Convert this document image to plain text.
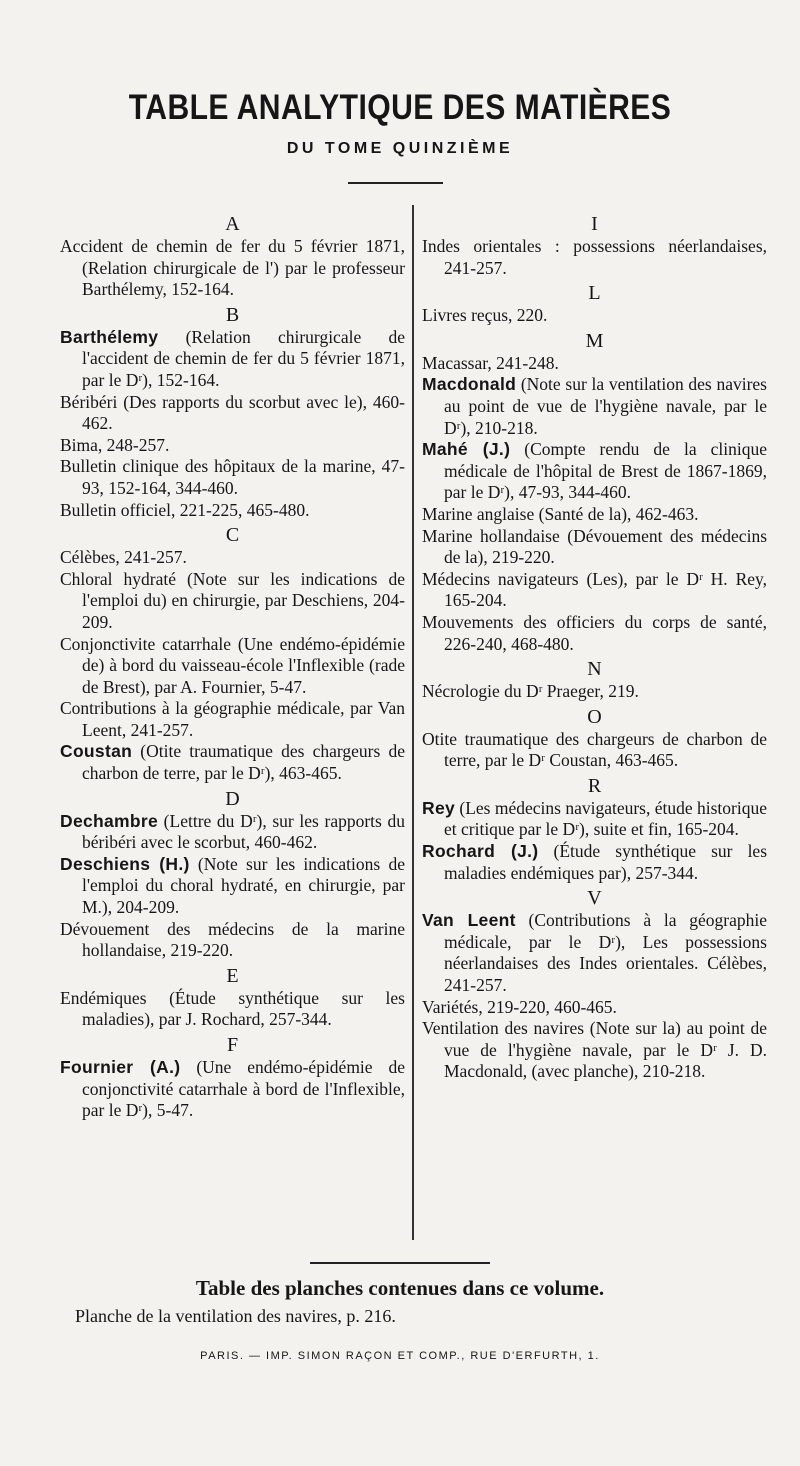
TABLE ANALYTIQUE DES MATIÈRES
DU TOME QUINZIÈME
A
Accident de chemin de fer du 5 février 1871, (Relation chirurgicale de l') par le professeur Barthélemy, 152-164.
B
Barthélemy (Relation chirurgicale de l'accident de chemin de fer du 5 février 1871, par le Dʳ), 152-164.
Béribéri (Des rapports du scorbut avec le), 460-462.
Bima, 248-257.
Bulletin clinique des hôpitaux de la marine, 47-93, 152-164, 344-460.
Bulletin officiel, 221-225, 465-480.
C
Célèbes, 241-257.
Chloral hydraté (Note sur les indications de l'emploi du) en chirurgie, par Deschiens, 204-209.
Conjonctivite catarrhale (Une endémo-épidémie de) à bord du vaisseau-école l'Inflexible (rade de Brest), par A. Fournier, 5-47.
Contributions à la géographie médicale, par Van Leent, 241-257.
Coustan (Otite traumatique des chargeurs de charbon de terre, par le Dʳ), 463-465.
D
Dechambre (Lettre du Dʳ), sur les rapports du béribéri avec le scorbut, 460-462.
Deschiens (H.) (Note sur les indications de l'emploi du choral hydraté, en chirurgie, par M.), 204-209.
Dévouement des médecins de la marine hollandaise, 219-220.
E
Endémiques (Étude synthétique sur les maladies), par J. Rochard, 257-344.
F
Fournier (A.) (Une endémo-épidémie de conjonctivité catarrhale à bord de l'Inflexible, par le Dʳ), 5-47.
I
Indes orientales : possessions néerlandaises, 241-257.
L
Livres reçus, 220.
M
Macassar, 241-248.
Macdonald (Note sur la ventilation des navires au point de vue de l'hygiène navale, par le Dʳ), 210-218.
Mahé (J.) (Compte rendu de la clinique médicale de l'hôpital de Brest de 1867-1869, par le Dʳ), 47-93, 344-460.
Marine anglaise (Santé de la), 462-463.
Marine hollandaise (Dévouement des médecins de la), 219-220.
Médecins navigateurs (Les), par le Dʳ H. Rey, 165-204.
Mouvements des officiers du corps de santé, 226-240, 468-480.
N
Nécrologie du Dʳ Praeger, 219.
O
Otite traumatique des chargeurs de charbon de terre, par le Dʳ Coustan, 463-465.
R
Rey (Les médecins navigateurs, étude historique et critique par le Dʳ), suite et fin, 165-204.
Rochard (J.) (Étude synthétique sur les maladies endémiques par), 257-344.
V
Van Leent (Contributions à la géographie médicale, par le Dʳ), Les possessions néerlandaises des Indes orientales. Célèbes, 241-257.
Variétés, 219-220, 460-465.
Ventilation des navires (Note sur la) au point de vue de l'hygiène navale, par le Dʳ J. D. Macdonald, (avec planche), 210-218.
Table des planches contenues dans ce volume.
Planche de la ventilation des navires, p. 216.
PARIS. — IMP. SIMON RAÇON ET COMP., RUE D'ERFURTH, 1.
